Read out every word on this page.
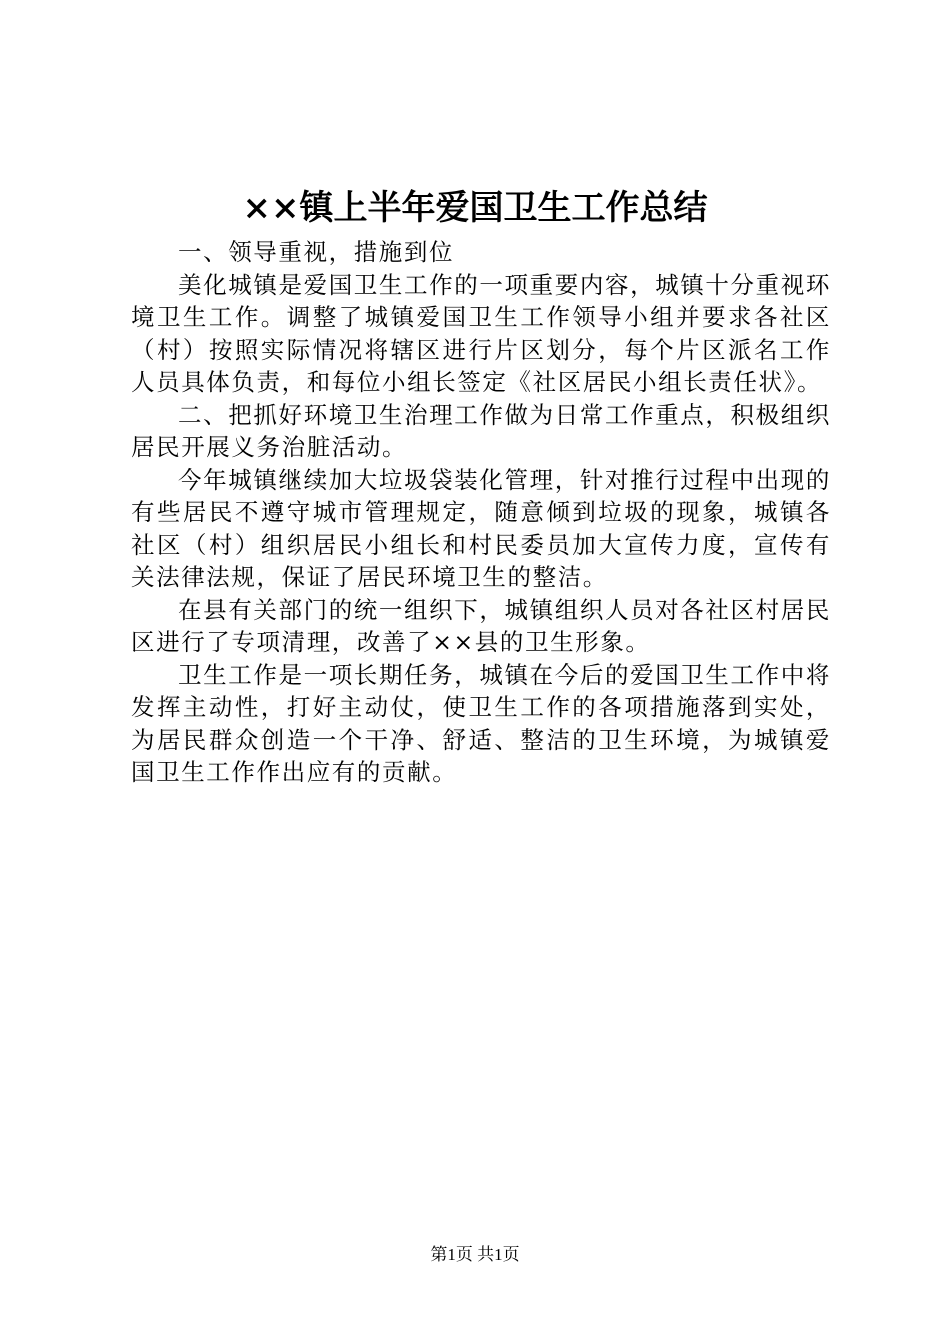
××镇上半年爱国卫生工作总结

一、领导重视，措施到位

美化城镇是爱国卫生工作的一项重要内容，城镇十分重视环境卫生工作。调整了城镇爱国卫生工作领导小组并要求各社区（村）按照实际情况将辖区进行片区划分，每个片区派名工作人员具体负责，和每位小组长签定《社区居民小组长责任状》。

二、把抓好环境卫生治理工作做为日常工作重点，积极组织居民开展义务治脏活动。

今年城镇继续加大垃圾袋装化管理，针对推行过程中出现的有些居民不遵守城市管理规定，随意倾到垃圾的现象，城镇各社区（村）组织居民小组长和村民委员加大宣传力度，宣传有关法律法规，保证了居民环境卫生的整洁。

在县有关部门的统一组织下，城镇组织人员对各社区村居民区进行了专项清理，改善了××县的卫生形象。

卫生工作是一项长期任务，城镇在今后的爱国卫生工作中将发挥主动性，打好主动仗，使卫生工作的各项措施落到实处，为居民群众创造一个干净、舒适、整洁的卫生环境，为城镇爱国卫生工作作出应有的贡献。

第1页 共1页
